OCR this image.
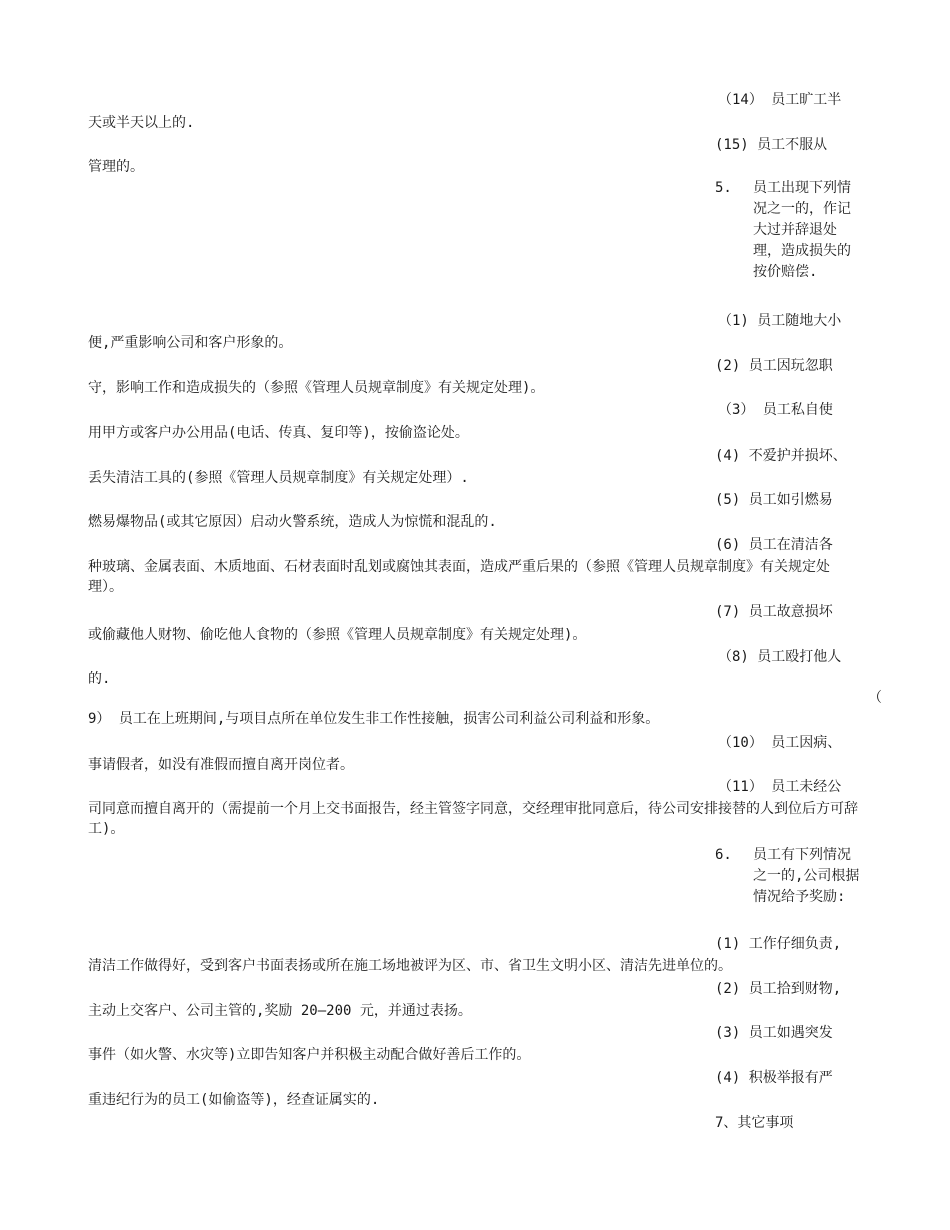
（14） 员工旷工半
天或半天以上的.
(15) 员工不服从
管理的。
5. 员工出现下列情况之一的，作记大过并辞退处理，造成损失的按价赔偿.
（1) 员工随地大小
便,严重影响公司和客户形象的。
(2) 员工因玩忽职
守，影响工作和造成损失的（参照《管理人员规章制度》有关规定处理)。
（3） 员工私自使
用甲方或客户办公用品(电话、传真、复印等)，按偷盗论处。
(4) 不爱护并损坏、
丢失清洁工具的(参照《管理人员规章制度》有关规定处理）.
(5) 员工如引燃易
燃易爆物品(或其它原因）启动火警系统，造成人为惊慌和混乱的.
(6) 员工在清洁各
种玻璃、金属表面、木质地面、石材表面时乱划或腐蚀其表面，造成严重后果的（参照《管理人员规章制度》有关规定处理）。
(7) 员工故意损坏
或偷藏他人财物、偷吃他人食物的（参照《管理人员规章制度》有关规定处理)。
（8) 员工殴打他人
的.
（
9） 员工在上班期间,与项目点所在单位发生非工作性接触，损害公司利益公司利益和形象。
（10） 员工因病、
事请假者，如没有准假而擅自离开岗位者。
（11） 员工未经公
司同意而擅自离开的（需提前一个月上交书面报告，经主管签字同意，交经理审批同意后，待公司安排接替的人到位后方可辞工)。
6. 员工有下列情况之一的,公司根据情况给予奖励:
(1) 工作仔细负责,
清洁工作做得好，受到客户书面表扬或所在施工场地被评为区、市、省卫生文明小区、清洁先进单位的。
(2) 员工拾到财物,
主动上交客户、公司主管的,奖励 20—200 元，并通过表扬。
(3) 员工如遇突发
事件（如火警、水灾等)立即告知客户并积极主动配合做好善后工作的。
(4) 积极举报有严
重违纪行为的员工(如偷盗等)，经查证属实的.
7、其它事项
